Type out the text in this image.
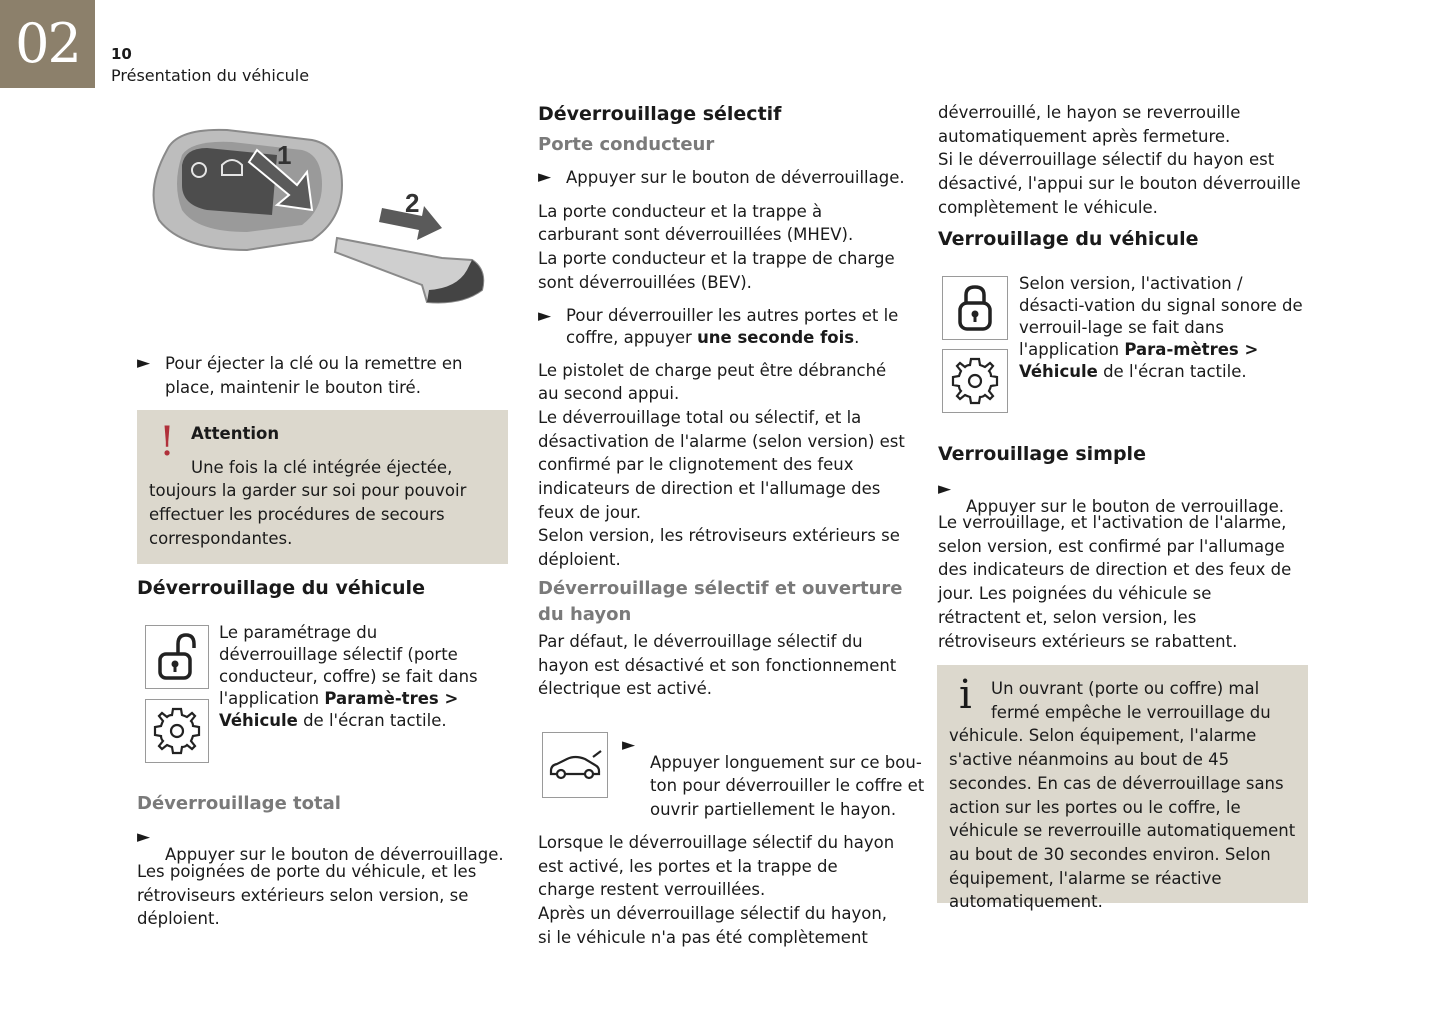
02	10
Présentation du véhicule
1
2
► Pour éjecter la clé ou la remettre en place, maintenir le bouton tiré.

! Attention

Une fois la clé intégrée éjectée,

toujours la garder sur soi pour pouvoir effectuer les procédures de secours correspondantes.

Déverrouillage du véhicule

Le paramétrage du déverrouillage sélectif (porte conducteur, coffre) se fait dans l'application Paramè-tres > Véhicule de l'écran tactile.

Déverrouillage total
►

Appuyer sur le bouton de déverrouillage.

Les poignées de porte du véhicule, et les rétroviseurs extérieurs selon version, se déploient.

Déverrouillage sélectif
Porte conducteur
► Appuyer sur le bouton de déverrouillage.

La porte conducteur et la trappe à carburant sont déverrouillées (MHEV).

La porte conducteur et la trappe de charge sont déverrouillées (BEV).

► Pour déverrouiller les autres portes et le coffre, appuyer une seconde fois.

Le pistolet de charge peut être débranché au second appui.

Le déverrouillage total ou sélectif, et la désactivation de l'alarme (selon version) est confirmé par le clignotement des feux indicateurs de direction et l'allumage des feux de jour.

Selon version, les rétroviseurs extérieurs se déploient.

Déverrouillage sélectif et ouverture du hayon

Par défaut, le déverrouillage sélectif du hayon est désactivé et son fonctionnement électrique est activé.

►

Appuyer longuement sur ce bou-ton pour déverrouiller le coffre et ouvrir partiellement le hayon.

Lorsque le déverrouillage sélectif du hayon est activé, les portes et la trappe de charge restent verrouillées.

Après un déverrouillage sélectif du hayon, si le véhicule n'a pas été complètement

déverrouillé, le hayon se reverrouille automatiquement après fermeture.

Si le déverrouillage sélectif du hayon est désactivé, l'appui sur le bouton déverrouille complètement le véhicule.

Verrouillage du véhicule

Selon version, l'activation / désacti-vation du signal sonore de verrouil-lage se fait dans l'application Para-mètres > Véhicule de l'écran tactile.

Verrouillage simple
►

Appuyer sur le bouton de verrouillage.

Le verrouillage, et l'activation de l'alarme, selon version, est confirmé par l'allumage des indicateurs de direction et des feux de jour. Les poignées du véhicule se rétractent et, selon version, les rétroviseurs extérieurs se rabattent.

i Un ouvrant (porte ou coffre) mal fermé empêche le verrouillage du

véhicule. Selon équipement, l'alarme s'active néanmoins au bout de 45 secondes. En cas de déverrouillage sans action sur les portes ou le coffre, le véhicule se reverrouille automatiquement au bout de 30 secondes environ. Selon équipement, l'alarme se réactive automatiquement.
